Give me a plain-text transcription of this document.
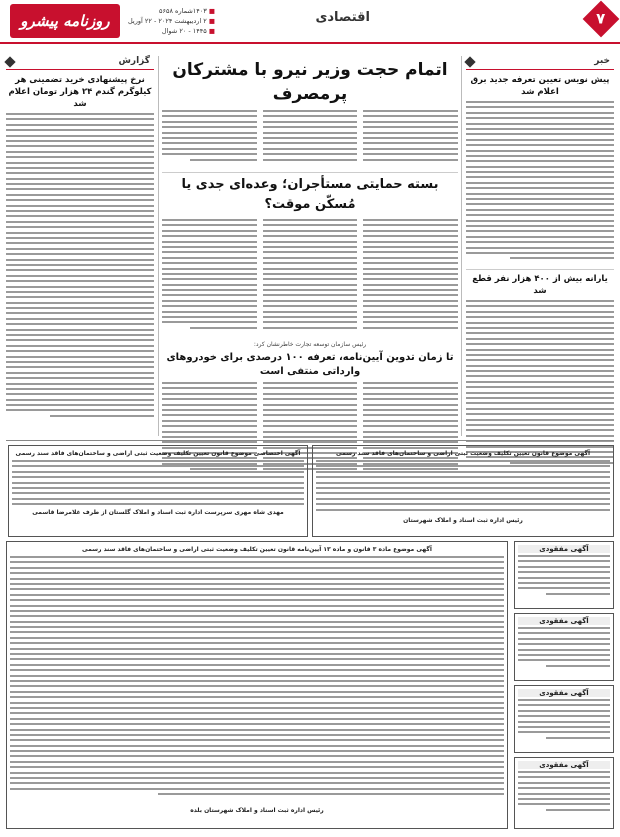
۷
اقتصادی
روزنامه پیشرو
■ ۱۴۰۳شماره ۵۶۵۸
■ ۲ اردیبهشت ۲۰۲۴ - ۲۲ آوریل
■ ۱۴۴۵ - ۲۰ شوال
خبر
پیش نویس تعیین تعرفه جدید برق اعلام شد
یارانه بیش از ۴۰۰ هزار نفر قطع شد
گزارش
نرخ پیشنهادی خرید تضمینی هر کیلوگرم گندم ۲۴ هزار تومان اعلام شد
اتمام حجت وزیر نیرو با مشترکان پرمصرف
بسته حمایتی مستأجران؛ وعده‌ای جدی یا مُسکّن موقت؟
رئیس سازمان توسعه تجارت خاطرنشان کرد:
تا زمان تدوین آیین‌نامه، تعرفه ۱۰۰ درصدی برای خودروهای وارداتی منتفی است
آگهی اختصاصی موضوع قانون تعیین تکلیف وضعیت ثبتی اراضی و ساختمان‌های فاقد سند رسمی
مهدی شاه مهری سرپرست اداره ثبت اسناد و املاک گلستان از طرف غلامرضا قاسمی
آگهی موضوع قانون تعیین تکلیف وضعیت ثبتی اراضی و ساختمان‌های فاقد سند رسمی
رئیس اداره ثبت اسناد و املاک شهرستان
آگهی موضوع ماده ۳ قانون و ماده ۱۳ آیین‌نامه قانون تعیین تکلیف وضعیت ثبتی اراضی و ساختمان‌های فاقد سند رسمی
رئیس اداره ثبت اسناد و املاک شهرستان بلده
آگهی مفقودی
آگهی مفقودی
آگهی مفقودی
آگهی مفقودی
